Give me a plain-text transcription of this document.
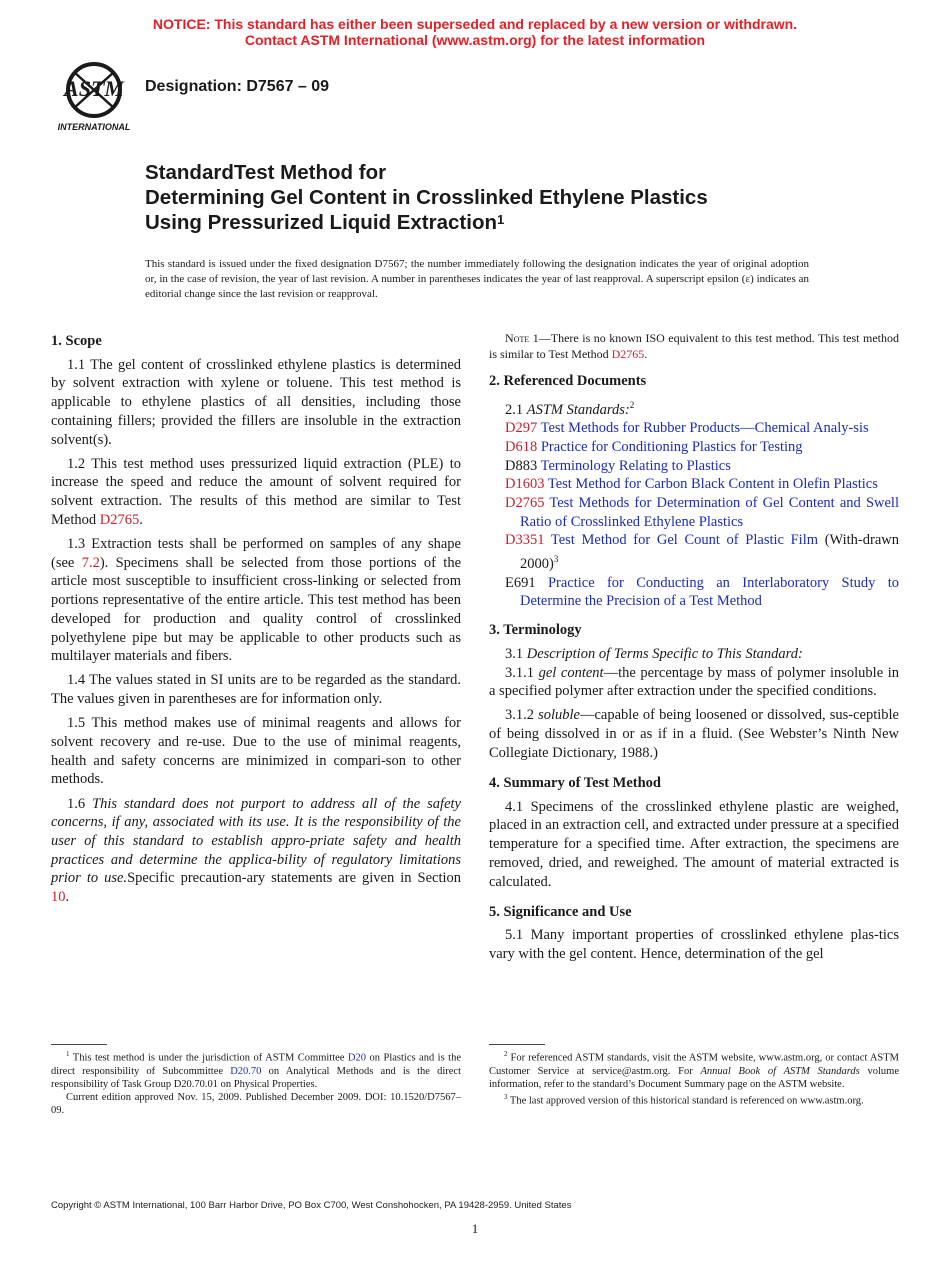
NOTICE: This standard has either been superseded and replaced by a new version or withdrawn.
Contact ASTM International (www.astm.org) for the latest information
ASTM
INTERNATIONAL
Designation: D7567 – 09
StandardTest Method for
Determining Gel Content in Crosslinked Ethylene Plastics
Using Pressurized Liquid Extraction$^1$
This standard is issued under the fixed designation D7567; the number immediately following the designation indicates the year of original adoption or, in the case of revision, the year of last revision. A number in parentheses indicates the year of last reapproval. A superscript epsilon (ε) indicates an editorial change since the last revision or reapproval.
1. Scope

1.1 The gel content of crosslinked ethylene plastics is determined by solvent extraction with xylene or toluene. This test method is applicable to ethylene plastics of all densities, including those containing fillers; provided the fillers are insoluble in the extraction solvent(s).

1.2 This test method uses pressurized liquid extraction (PLE) to increase the speed and reduce the amount of solvent required for solvent extraction. The results of this method are similar to Test Method D2765.

1.3 Extraction tests shall be performed on samples of any shape (see 7.2). Specimens shall be selected from those portions of the article most susceptible to insufficient cross-linking or selected from portions representative of the entire article. This test method has been developed for production and quality control of crosslinked polyethylene pipe but may be applicable to other products such as multilayer materials and fibers.

1.4 The values stated in SI units are to be regarded as the standard. The values given in parentheses are for information only.

1.5 This method makes use of minimal reagents and allows for solvent recovery and re-use. Due to the use of minimal reagents, health and safety concerns are minimized in compari-son to other methods.

1.6 This standard does not purport to address all of the safety concerns, if any, associated with its use. It is the responsibility of the user of this standard to establish appro-priate safety and health practices and determine the applica-bility of regulatory limitations prior to use.Specific precaution-ary statements are given in Section 10.

Note 1—There is no known ISO equivalent to this test method. This test method is similar to Test Method D2765.

2. Referenced Documents

2.1 ASTM Standards:$^2$

D297 Test Methods for Rubber Products—Chemical Analy-sis

D618 Practice for Conditioning Plastics for Testing

D883 Terminology Relating to Plastics

D1603 Test Method for Carbon Black Content in Olefin Plastics

D2765 Test Methods for Determination of Gel Content and Swell Ratio of Crosslinked Ethylene Plastics

D3351 Test Method for Gel Count of Plastic Film (With-drawn 2000)$^3$

E691 Practice for Conducting an Interlaboratory Study to Determine the Precision of a Test Method

3. Terminology

3.1 Description of Terms Specific to This Standard:

3.1.1 gel content—the percentage by mass of polymer insoluble in a specified polymer after extraction under the specified conditions.

3.1.2 soluble—capable of being loosened or dissolved, sus-ceptible of being dissolved in or as if in a fluid. (See Webster’s Ninth New Collegiate Dictionary, 1988.)

4. Summary of Test Method

4.1 Specimens of the crosslinked ethylene plastic are weighed, placed in an extraction cell, and extracted under pressure at a specified temperature for a specified time. After extraction, the specimens are removed, dried, and reweighed. The amount of material extracted is calculated.

5. Significance and Use

5.1 Many important properties of crosslinked ethylene plas-tics vary with the gel content. Hence, determination of the gel

$^1$ This test method is under the jurisdiction of ASTM Committee D20 on Plastics and is the direct responsibility of Subcommittee D20.70 on Analytical Methods and is the direct responsibility of Task Group D20.70.01 on Physical Properties.

Current edition approved Nov. 15, 2009. Published December 2009. DOI: 10.1520/D7567–09.

$^2$ For referenced ASTM standards, visit the ASTM website, www.astm.org, or contact ASTM Customer Service at service@astm.org. For Annual Book of ASTM Standards volume information, refer to the standard’s Document Summary page on the ASTM website.

$^3$ The last approved version of this historical standard is referenced on www.astm.org.

Copyright © ASTM International, 100 Barr Harbor Drive, PO Box C700, West Conshohocken, PA 19428-2959. United States
1
